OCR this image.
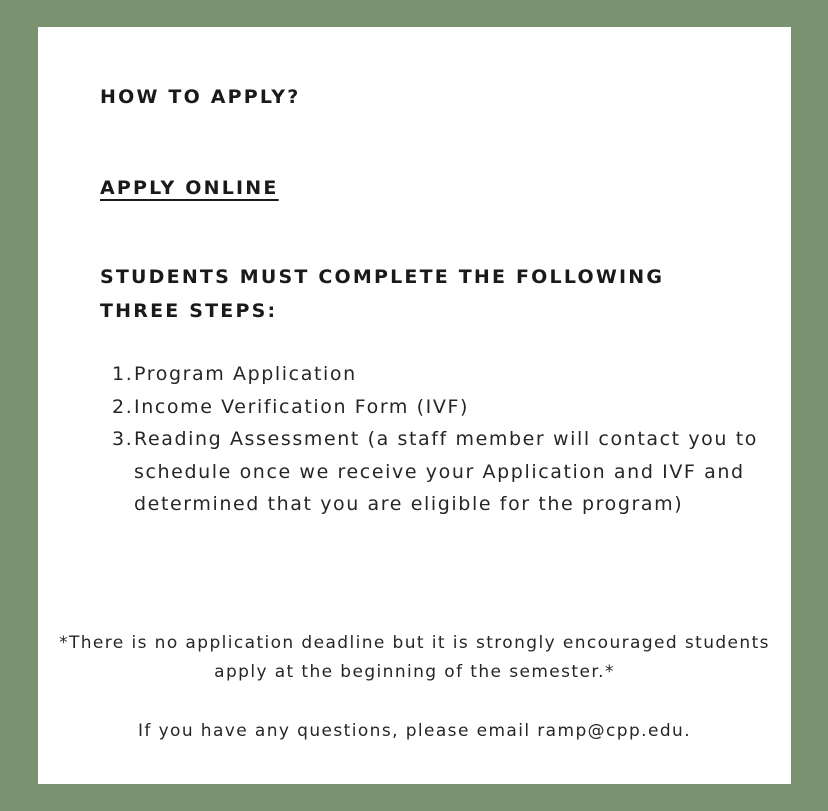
HOW TO APPLY?
APPLY ONLINE
STUDENTS MUST COMPLETE THE FOLLOWING THREE STEPS:
1. Program Application
2. Income Verification Form (IVF)
3. Reading Assessment (a staff member will contact you to schedule once we receive your Application and IVF and determined that you are eligible for the program)

*There is no application deadline but it is strongly encouraged students apply at the beginning of the semester.*

If you have any questions, please email ramp@cpp.edu.
